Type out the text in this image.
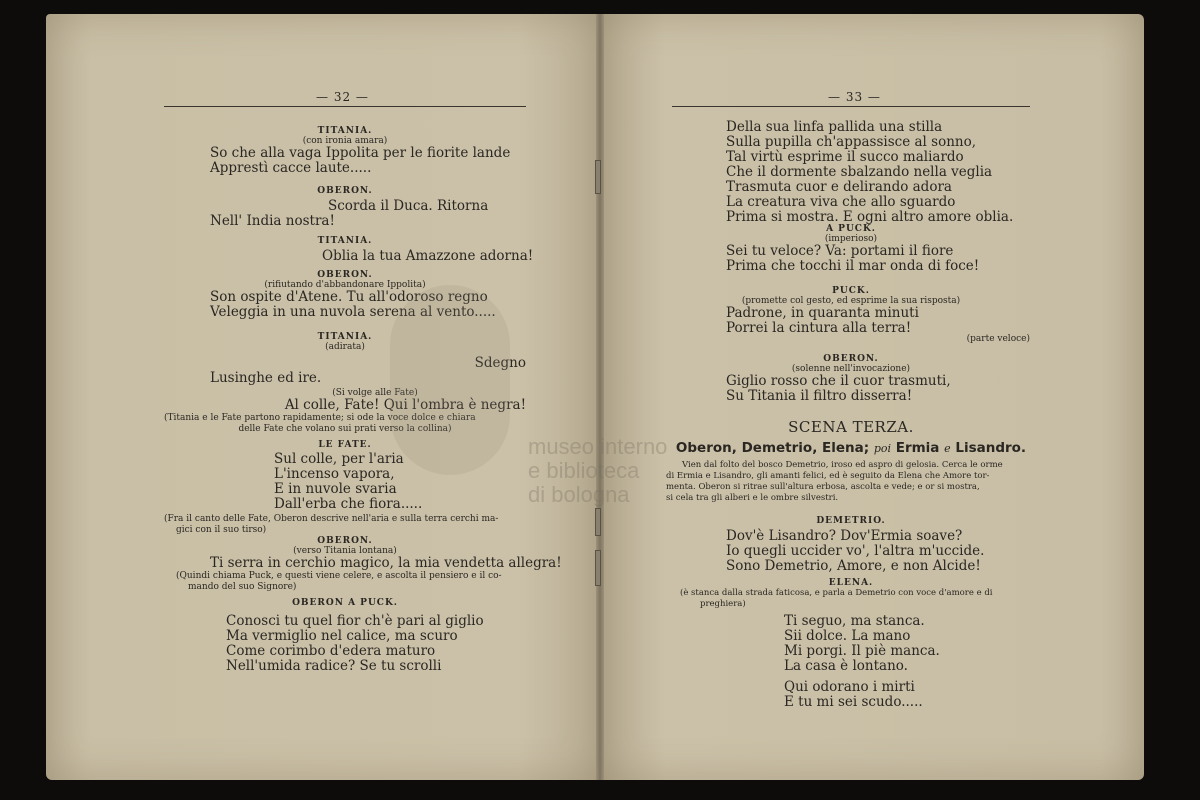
— 32 —
TITANIA.
(con ironia amara)
So che alla vaga Ippolita per le fiorite lande
Apprestì cacce laute.....
OBERON.
Scorda il Duca. Ritorna
Nell' India nostra!
TITANIA.
Oblia la tua Amazzone adorna!
OBERON.
(rifiutando d'abbandonare Ippolita)
Son ospite d'Atene. Tu all'odoroso regno
Veleggia in una nuvola serena al vento.....
TITANIA.
(adirata)
Sdegno
Lusinghe ed ire.
(Si volge alle Fate)
Al colle, Fate! Qui l'ombra è negra!
(Titania e le Fate partono rapidamente; si ode la voce dolce e chiara
delle Fate che volano sui prati verso la collina)
LE FATE.
Sul colle, per l'aria
L'incenso vapora,
E in nuvole svaria
Dall'erba che fiora.....
(Fra il canto delle Fate, Oberon descrive nell'aria e sulla terra cerchi ma-
gici con il suo tirso)
OBERON.
(verso Titania lontana)
Ti serra in cerchio magico, la mia vendetta allegra!
(Quindi chiama Puck, e questi viene celere, e ascolta il pensiero e il co-
mando del suo Signore)
OBERON A PUCK.
Conosci tu quel fior ch'è pari al giglio
Ma vermiglio nel calice, ma scuro
Come corimbo d'edera maturo
Nell'umida radice? Se tu scrolli
— 33 —
Della sua linfa pallida una stilla
Sulla pupilla ch'appassisce al sonno,
Tal virtù esprime il succo maliardo
Che il dormente sbalzando nella veglia
Trasmuta cuor e delirando adora
La creatura viva che allo sguardo
Prima si mostra. E ogni altro amore oblia.
A PUCK.
(imperioso)
Sei tu veloce? Va: portami il fiore
Prima che tocchi il mar onda di foce!
PUCK.
(promette col gesto, ed esprime la sua risposta)
Padrone, in quaranta minuti
Porrei la cintura alla terra!
(parte veloce)
OBERON.
(solenne nell'invocazione)
Giglio rosso che il cuor trasmuti,
Su Titania il filtro disserra!
SCENA TERZA.
Oberon, Demetrio, Elena; poi Ermia e Lisandro.
Vien dal folto del bosco Demetrio, iroso ed aspro di gelosia. Cerca le orme
di Ermia e Lisandro, gli amanti felici, ed è seguito da Elena che Amore tor-
menta. Oberon si ritrae sull'altura erbosa, ascolta e vede; e or si mostra,
si cela tra gli alberi e le ombre silvestri.
DEMETRIO.
Dov'è Lisandro? Dov'Ermia soave?
Io quegli uccider vo', l'altra m'uccide.
Sono Demetrio, Amore, e non Alcide!
ELENA.
(è stanca dalla strada faticosa, e parla a Demetrio con voce d'amore e di
preghiera)
Ti seguo, ma stanca.
Sii dolce. La mano
Mi porgi. Il piè manca.
La casa è lontano.
Qui odorano i mirti
E tu mi sei scudo.....
museo interno
e biblioteca
di bologna
